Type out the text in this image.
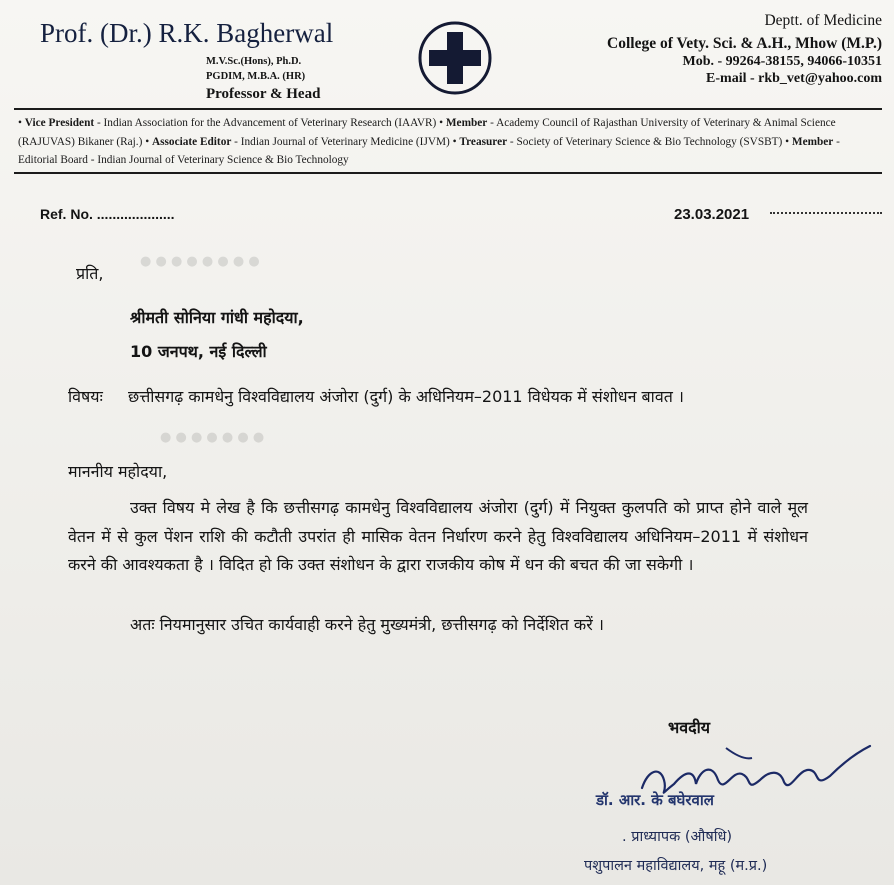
● ● ● ● ● ● ● ●
● ● ● ● ● ● ●
Prof. (Dr.) R.K. Bagherwal
M.V.Sc.(Hons), Ph.D.
PGDIM, M.B.A. (HR)
Professor & Head
Deptt. of Medicine
College of Vety. Sci. & A.H., Mhow (M.P.)
Mob. - 99264-38155, 94066-10351
E-mail - rkb_vet@yahoo.com
• Vice President - Indian Association for the Advancement of Veterinary Research (IAAVR) • Member - Academy Council of Rajasthan University of Veterinary & Animal Science (RAJUVAS) Bikaner (Raj.) • Associate Editor - Indian Journal of Veterinary Medicine (IJVM) • Treasurer - Society of Veterinary Science & Bio Technology (SVSBT) • Member - Editorial Board - Indian Journal of Veterinary Science & Bio Technology
Ref. No. ....................	23.03.2021
प्रति,
श्रीमती सोनिया गांधी महोदया,
10 जनपथ, नई दिल्ली
विषयः छत्तीसगढ़ कामधेनु विश्वविद्यालय अंजोरा (दुर्ग) के अधिनियम–2011 विधेयक में संशोधन बावत ।
माननीय महोदया,
उक्त विषय मे लेख है कि छत्तीसगढ़ कामधेनु विश्वविद्यालय अंजोरा (दुर्ग) में नियुक्त कुलपति को प्राप्त होने वाले मूल वेतन में से कुल पेंशन राशि की कटौती उपरांत ही मासिक वेतन निर्धारण करने हेतु विश्वविद्यालय अधिनियम–2011 में संशोधन करने की आवश्यकता है । विदित हो कि उक्त संशोधन के द्वारा राजकीय कोष में धन की बचत की जा सकेगी ।
अतः नियमानुसार उचित कार्यवाही करने हेतु मुख्यमंत्री, छत्तीसगढ़ को निर्देशित करें ।
भवदीय
डॉ. आर. के बघेरवाल
. प्राध्यापक (औषधि)
पशुपालन महाविद्यालय, महू (म.प्र.)
